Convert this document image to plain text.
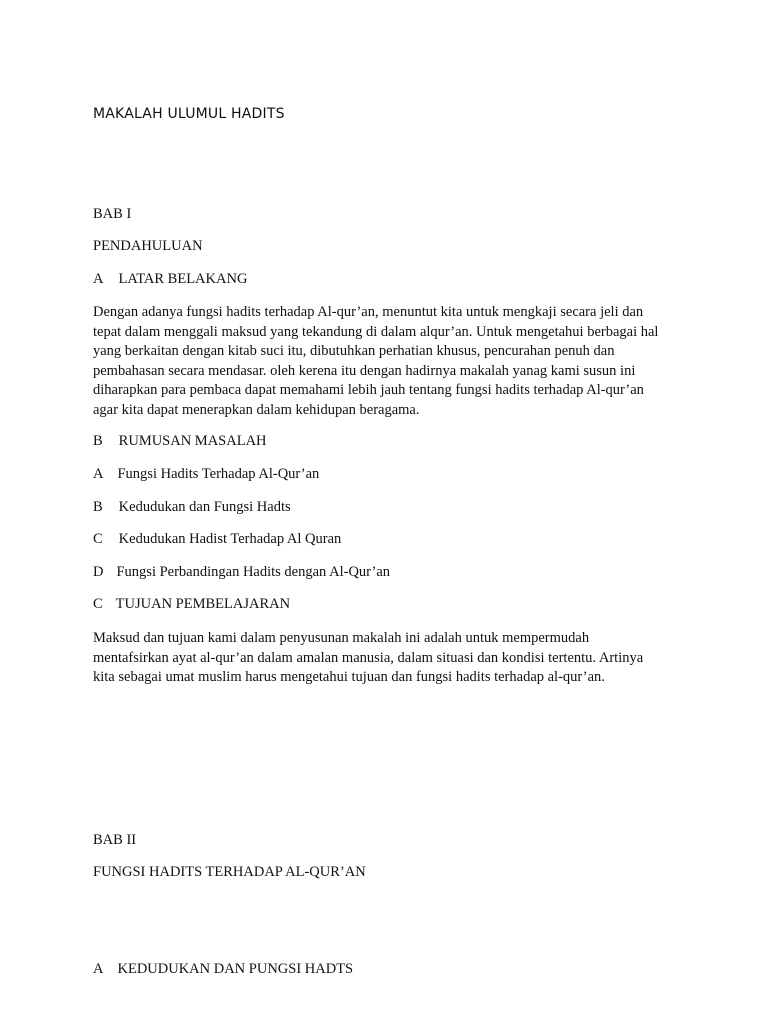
MAKALAH ULUMUL HADITS

BAB I

PENDAHULUAN

A LATAR BELAKANG

Dengan adanya fungsi hadits terhadap Al-qur’an, menuntut kita untuk mengkaji secara jeli dan
tepat dalam menggali maksud yang tekandung di dalam alqur’an. Untuk mengetahui berbagai hal
yang berkaitan dengan kitab suci itu, dibutuhkan perhatian khusus, pencurahan penuh dan
pembahasan secara mendasar. oleh kerena itu dengan hadirnya makalah yanag kami susun ini
diharapkan para pembaca dapat memahami lebih jauh tentang fungsi hadits terhadap Al-qur’an
agar kita dapat menerapkan dalam kehidupan beragama.

B RUMUSAN MASALAH

A Fungsi Hadits Terhadap Al-Qur’an

B Kedudukan dan Fungsi Hadts

C Kedudukan Hadist Terhadap Al Quran

D Fungsi Perbandingan Hadits dengan Al-Qur’an

C TUJUAN PEMBELAJARAN

Maksud dan tujuan kami dalam penyusunan makalah ini adalah untuk mempermudah
mentafsirkan ayat al-qur’an dalam amalan manusia, dalam situasi dan kondisi tertentu. Artinya
kita sebagai umat muslim harus mengetahui tujuan dan fungsi hadits terhadap al-qur’an.

BAB II

FUNGSI HADITS TERHADAP AL-QUR’AN

A KEDUDUKAN DAN PUNGSI HADTS
